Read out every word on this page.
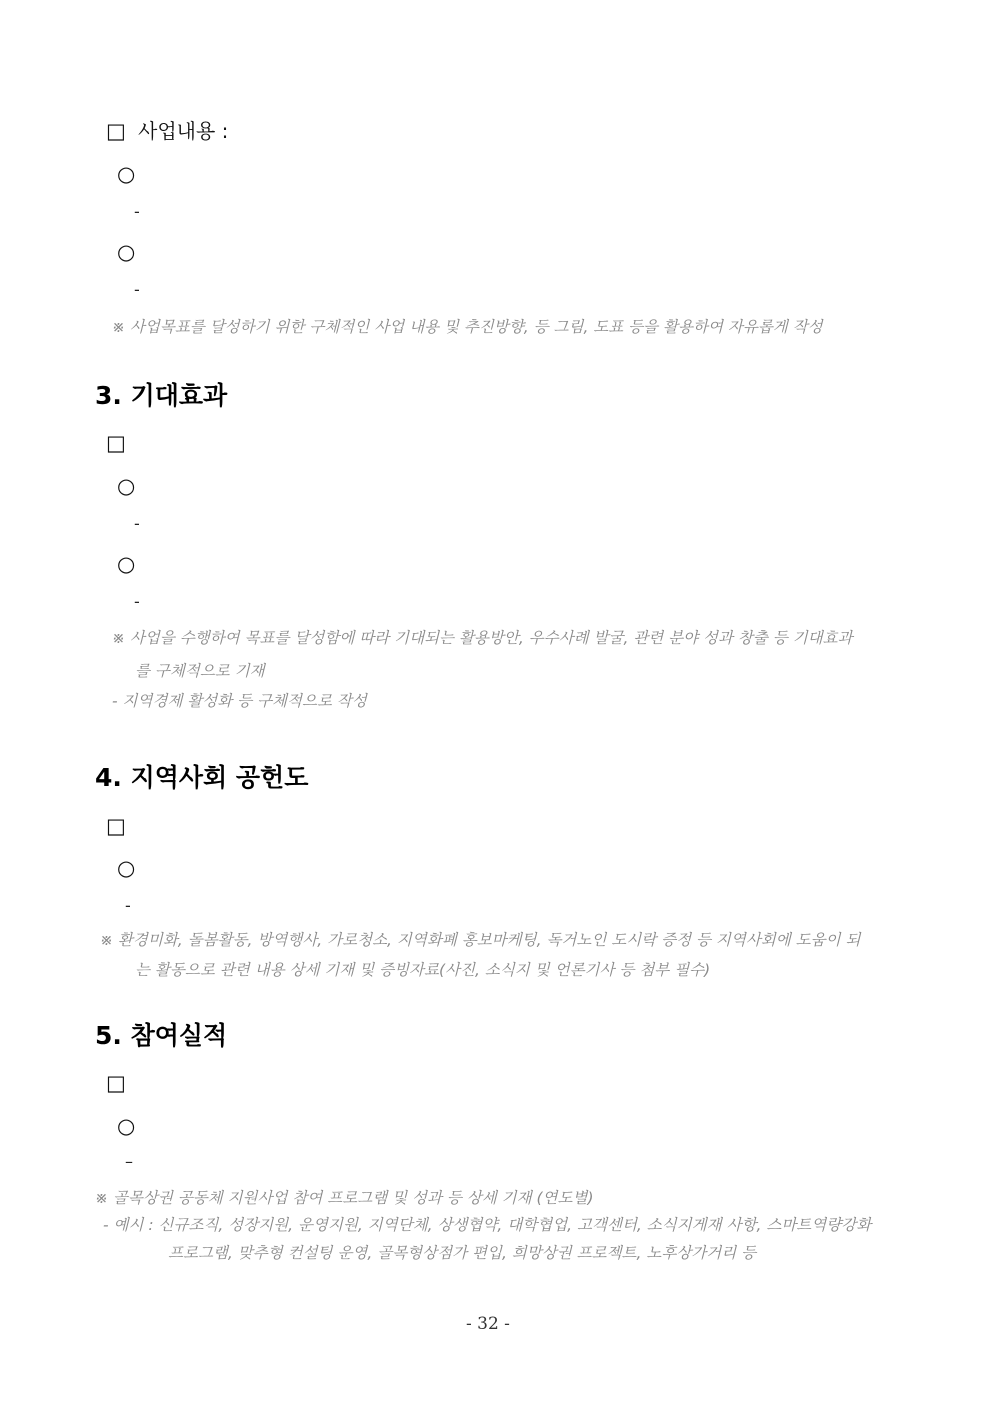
□ 사업내용 :
○
-
○
-
※ 사업목표를 달성하기 위한 구체적인 사업 내용 및 추진방향, 등 그림, 도표 등을 활용하여 자유롭게 작성
3. 기대효과
□
○
-
○
-
※ 사업을 수행하여 목표를 달성함에 따라 기대되는 활용방안, 우수사례 발굴, 관련 분야 성과 창출 등 기대효과
를 구체적으로 기재
- 지역경제 활성화 등 구체적으로 작성
4. 지역사회 공헌도
□
○
-
※ 환경미화, 돌봄활동, 방역행사, 가로청소, 지역화폐 홍보마케팅, 독거노인 도시락 증정 등 지역사회에 도움이 되
는 활동으로 관련 내용 상세 기재 및 증빙자료(사진, 소식지 및 언론기사 등 첨부 필수)
5. 참여실적
□
○
–
※ 골목상권 공동체 지원사업 참여 프로그램 및 성과 등 상세 기재 (연도별)
- 예시 : 신규조직, 성장지원, 운영지원, 지역단체, 상생협약, 대학협업, 고객센터, 소식지게재 사항, 스마트역량강화
프로그램, 맞추형 컨설팅 운영, 골목형상점가 편입, 희망상권 프로젝트, 노후상가거리 등
- 32 -
